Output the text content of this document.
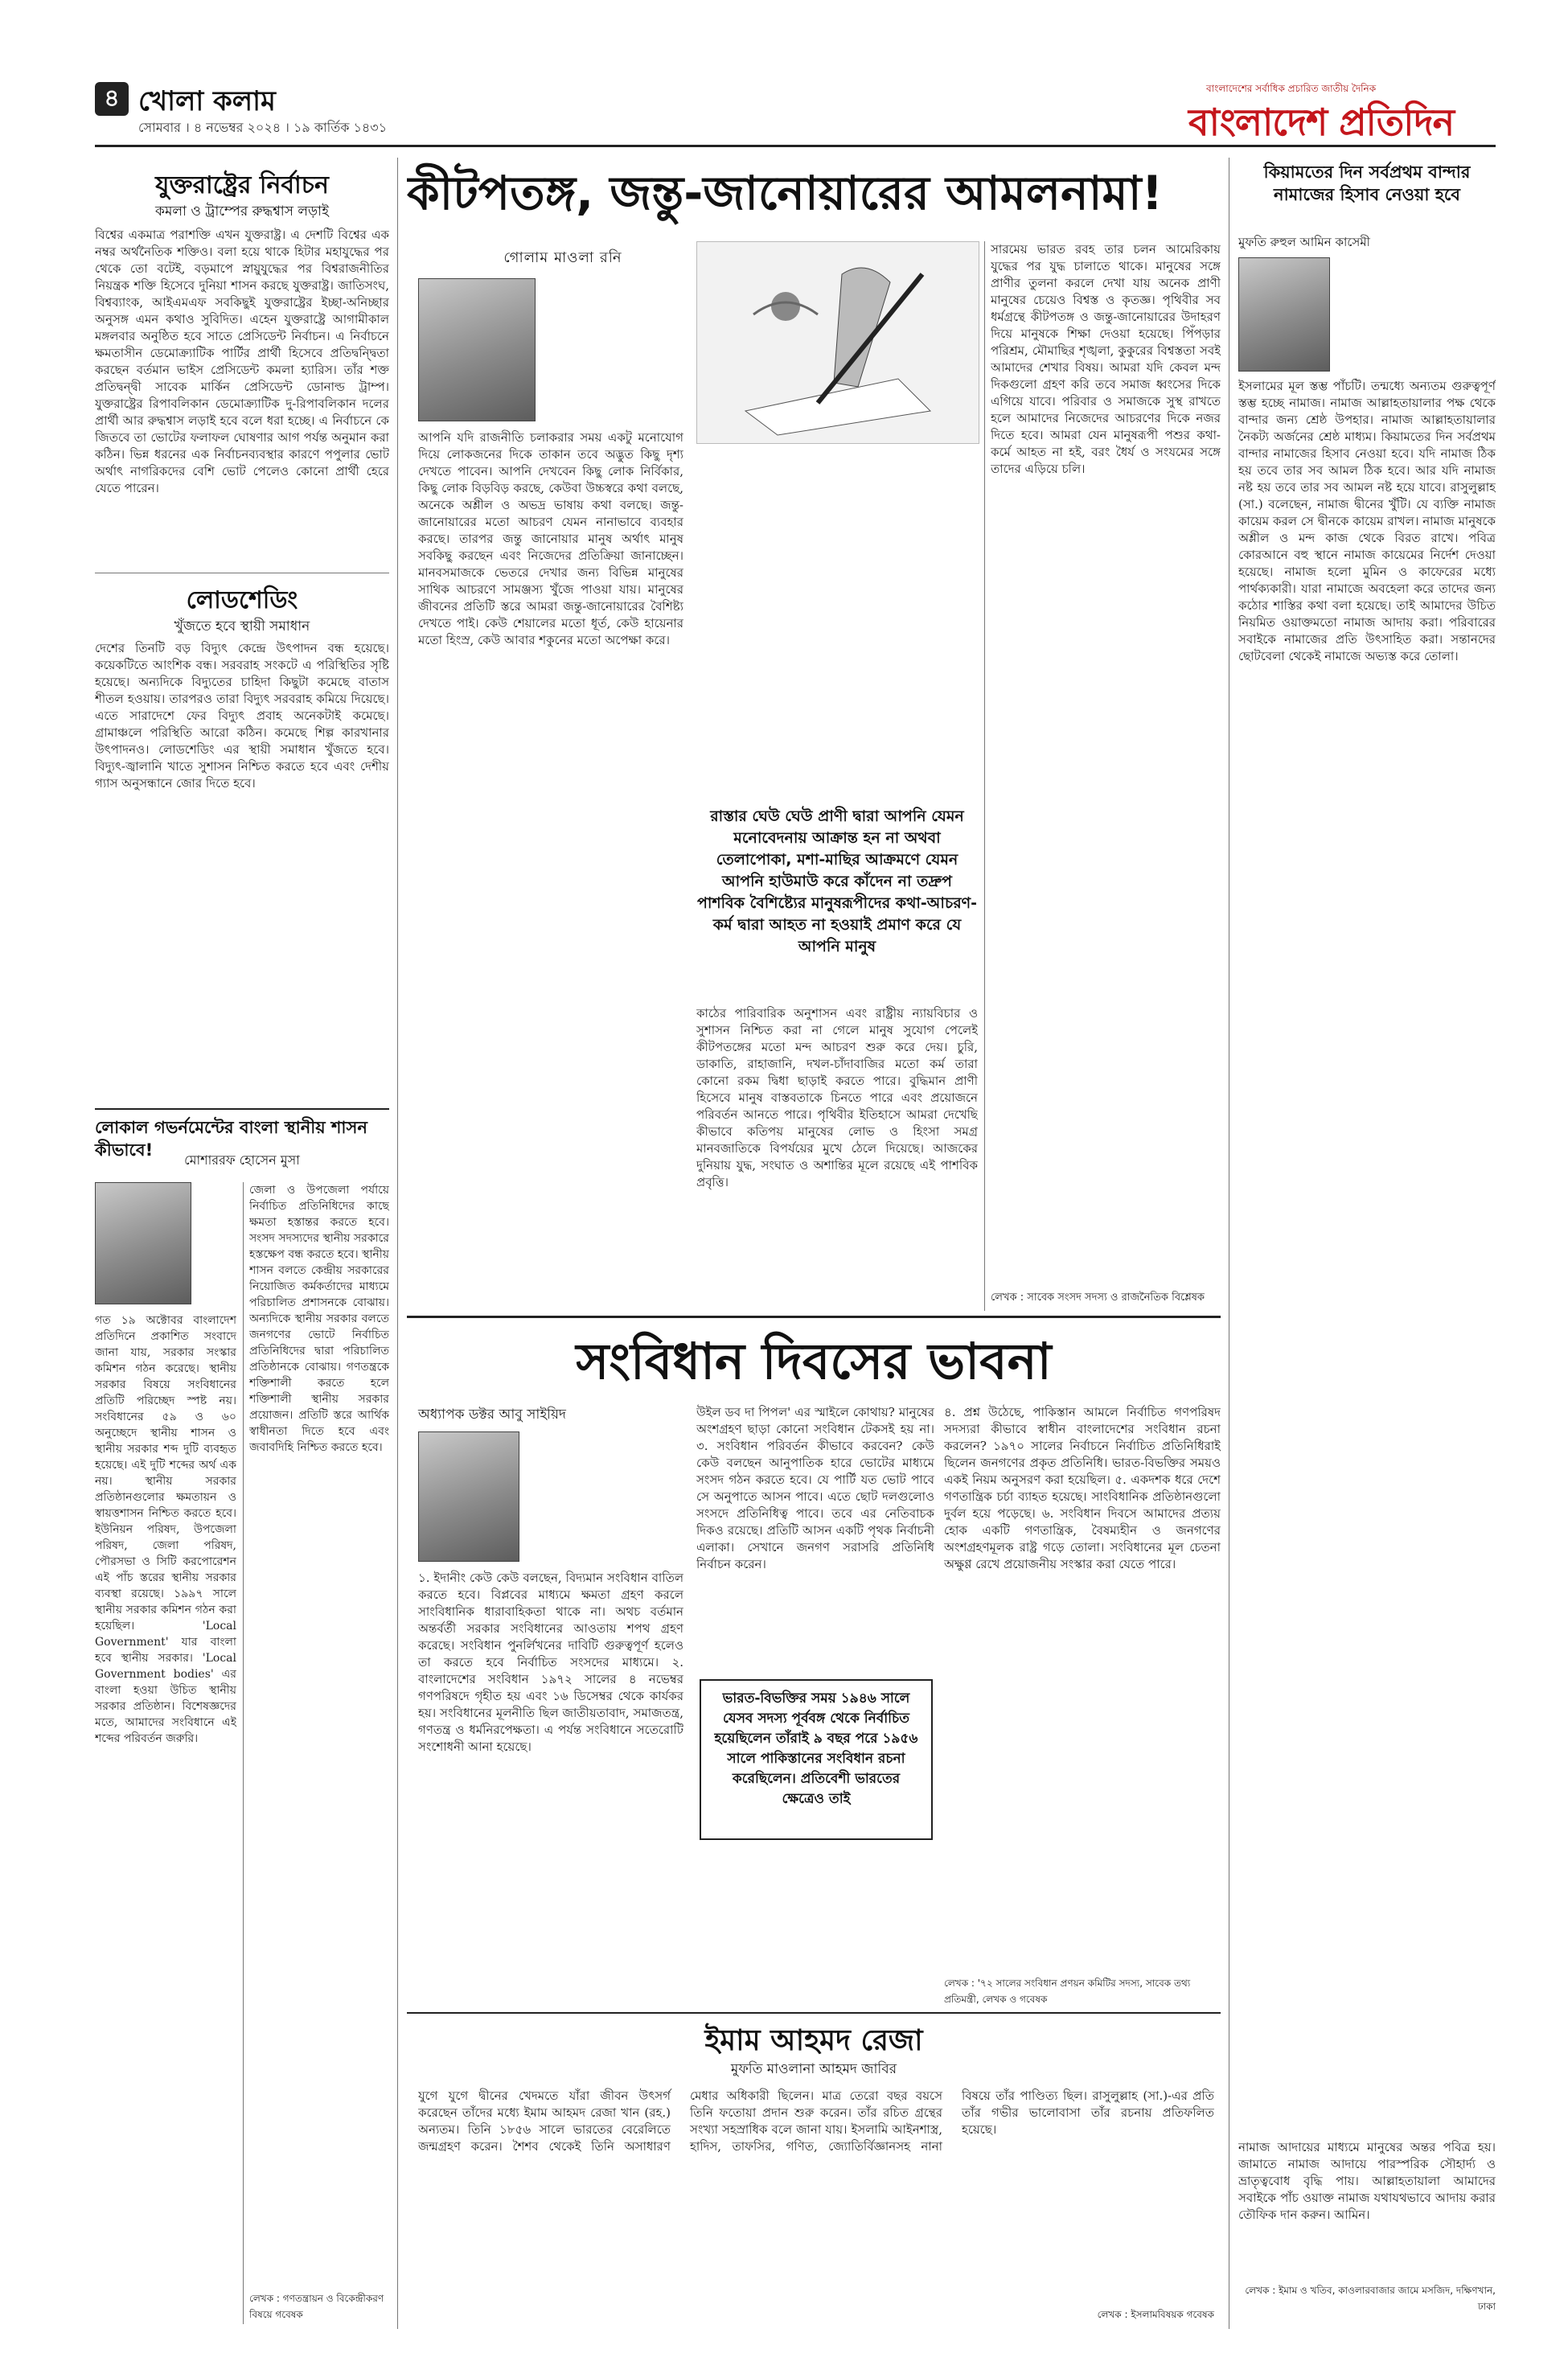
৪ খোলা কলাম
সোমবার । ৪ নভেম্বর ২০২৪ । ১৯ কার্তিক ১৪৩১
বাংলাদেশের সর্বাধিক প্রচারিত জাতীয় দৈনিক
বাংলাদেশ প্রতিদিন
যুক্তরাষ্ট্রের নির্বাচন
কমলা ও ট্রাম্পের রুদ্ধশ্বাস লড়াই
বিশ্বের একমাত্র পরাশক্তি এখন যুক্তরাষ্ট্র। এ দেশটি বিশ্বের এক নম্বর অর্থনৈতিক শক্তিও। বলা হয়ে থাকে হিটার মহাযুদ্ধের পর থেকে তো বটেই, বড়মাপে স্নায়ুযুদ্ধের পর বিশ্বরাজনীতির নিয়ন্ত্রক শক্তি হিসেবে দুনিয়া শাসন করছে যুক্তরাষ্ট্র। জাতিসংঘ, বিশ্বব্যাংক, আইএমএফ সবকিছুই যুক্তরাষ্ট্রের ইচ্ছা-অনিচ্ছার অনুসঙ্গ এমন কথাও সুবিদিত। এহেন যুক্তরাষ্ট্রে আগামীকাল মঙ্গলবার অনুষ্ঠিত হবে সাতে প্রেসিডেন্ট নির্বাচন। এ নির্বাচনে ক্ষমতাসীন ডেমোক্র্যাটিক পার্টির প্রার্থী হিসেবে প্রতিদ্বন্দ্বিতা করছেন বর্তমান ভাইস প্রেসিডেন্ট কমলা হ্যারিস। তাঁর শক্ত প্রতিদ্বন্দ্বী সাবেক মার্কিন প্রেসিডেন্ট ডোনাল্ড ট্রাম্প। যুক্তরাষ্ট্রের রিপাবলিকান ডেমোক্র্যাটিক দু-রিপাবলিকান দলের প্রার্থী আর রুদ্ধশ্বাস লড়াই হবে বলে ধরা হচ্ছে। এ নির্বাচনে কে জিতবে তা ভোটের ফলাফল ঘোষণার আগ পর্যন্ত অনুমান করা কঠিন। ভিন্ন ধরনের এক নির্বাচনব্যবস্থার কারণে পপুলার ভোট অর্থাৎ নাগরিকদের বেশি ভোট পেলেও কোনো প্রার্থী হেরে যেতে পারেন।
লোডশেডিং
খুঁজতে হবে স্থায়ী সমাধান
দেশের তিনটি বড় বিদ্যুৎ কেন্দ্রে উৎপাদন বন্ধ হয়েছে। কয়েকটিতে আংশিক বন্ধ। সরবরাহ সংকটে এ পরিস্থিতির সৃষ্টি হয়েছে। অন্যদিকে বিদ্যুতের চাহিদা কিছুটা কমেছে বাতাস শীতল হওয়ায়। তারপরও তারা বিদ্যুৎ সরবরাহ কমিয়ে দিয়েছে। এতে সারাদেশে ফের বিদ্যুৎ প্রবাহ অনেকটাই কমেছে। গ্রামাঞ্চলে পরিস্থিতি আরো কঠিন। কমেছে শিল্প কারখানার উৎপাদনও। লোডশেডিং এর স্থায়ী সমাধান খুঁজতে হবে। বিদ্যুৎ-জ্বালানি খাতে সুশাসন নিশ্চিত করতে হবে এবং দেশীয় গ্যাস অনুসন্ধানে জোর দিতে হবে।
লোকাল গভর্নমেন্টের বাংলা স্থানীয় শাসন কীভাবে!
মোশাররফ হোসেন মুসা
গত ১৯ অক্টোবর বাংলাদেশ প্রতিদিনে প্রকাশিত সংবাদে জানা যায়, সরকার সংস্কার কমিশন গঠন করেছে। স্থানীয় সরকার বিষয়ে সংবিধানের প্রতিটি পরিচ্ছেদ স্পষ্ট নয়। সংবিধানের ৫৯ ও ৬০ অনুচ্ছেদে স্থানীয় শাসন ও স্থানীয় সরকার শব্দ দুটি ব্যবহৃত হয়েছে। এই দুটি শব্দের অর্থ এক নয়। স্থানীয় সরকার প্রতিষ্ঠানগুলোর ক্ষমতায়ন ও স্বায়ত্তশাসন নিশ্চিত করতে হবে। ইউনিয়ন পরিষদ, উপজেলা পরিষদ, জেলা পরিষদ, পৌরসভা ও সিটি করপোরেশন এই পাঁচ স্তরের স্থানীয় সরকার ব্যবস্থা রয়েছে। ১৯৯৭ সালে স্থানীয় সরকার কমিশন গঠন করা হয়েছিল। 'Local Government' যার বাংলা হবে স্থানীয় সরকার। 'Local Government bodies' এর বাংলা হওয়া উচিত স্থানীয় সরকার প্রতিষ্ঠান। বিশেষজ্ঞদের মতে, আমাদের সংবিধানে এই শব্দের পরিবর্তন জরুরি।
জেলা ও উপজেলা পর্যায়ে নির্বাচিত প্রতিনিধিদের কাছে ক্ষমতা হস্তান্তর করতে হবে। সংসদ সদস্যদের স্থানীয় সরকারে হস্তক্ষেপ বন্ধ করতে হবে। স্থানীয় শাসন বলতে কেন্দ্রীয় সরকারের নিয়োজিত কর্মকর্তাদের মাধ্যমে পরিচালিত প্রশাসনকে বোঝায়। অন্যদিকে স্থানীয় সরকার বলতে জনগণের ভোটে নির্বাচিত প্রতিনিধিদের দ্বারা পরিচালিত প্রতিষ্ঠানকে বোঝায়। গণতন্ত্রকে শক্তিশালী করতে হলে শক্তিশালী স্থানীয় সরকার প্রয়োজন। প্রতিটি স্তরে আর্থিক স্বাধীনতা দিতে হবে এবং জবাবদিহি নিশ্চিত করতে হবে।
লেখক : গণতন্ত্রায়ন ও বিকেন্দ্রীকরণ বিষয়ে গবেষক
কীটপতঙ্গ, জন্তু-জানোয়ারের আমলনামা!
গোলাম মাওলা রনি
আপনি যদি রাজনীতি চলাকরার সময় একটু মনোযোগ দিয়ে লোকজনের দিকে তাকান তবে অদ্ভুত কিছু দৃশ্য দেখতে পাবেন। আপনি দেখবেন কিছু লোক নির্বিকার, কিছু লোক বিড়বিড় করছে, কেউবা উচ্চস্বরে কথা বলছে, অনেকে অশ্লীল ও অভদ্র ভাষায় কথা বলছে। জন্তু-জানোয়ারের মতো আচরণ যেমন নানাভাবে ব্যবহার করছে। তারপর জন্তু জানোয়ার মানুষ অর্থাৎ মানুষ সবকিছু করছেন এবং নিজেদের প্রতিক্রিয়া জানাচ্ছেন। মানবসমাজকে ভেতরে দেখার জন্য বিভিন্ন মানুষের সাথিক আচরণে সামঞ্জস্য খুঁজে পাওয়া যায়। মানুষের জীবনের প্রতিটি স্তরে আমরা জন্তু-জানোয়ারের বৈশিষ্ট্য দেখতে পাই। কেউ শেয়ালের মতো ধূর্ত, কেউ হায়েনার মতো হিংস্র, কেউ আবার শকুনের মতো অপেক্ষা করে।
রাস্তার ঘেউ ঘেউ প্রাণী দ্বারা আপনি যেমন মনোবেদনায় আক্রান্ত হন না অথবা তেলাপোকা, মশা-মাছির আক্রমণে যেমন আপনি হাউমাউ করে কাঁদেন না তদ্রুপ পাশবিক বৈশিষ্ট্যের মানুষরূপীদের কথা-আচরণ-কর্ম দ্বারা আহত না হওয়াই প্রমাণ করে যে আপনি মানুষ
কাঠের পারিবারিক অনুশাসন এবং রাষ্ট্রীয় ন্যায়বিচার ও সুশাসন নিশ্চিত করা না গেলে মানুষ সুযোগ পেলেই কীটপতঙ্গের মতো মন্দ আচরণ শুরু করে দেয়। চুরি, ডাকাতি, রাহাজানি, দখল-চাঁদাবাজির মতো কর্ম তারা কোনো রকম দ্বিধা ছাড়াই করতে পারে। বুদ্ধিমান প্রাণী হিসেবে মানুষ বাস্তবতাকে চিনতে পারে এবং প্রয়োজনে পরিবর্তন আনতে পারে। পৃথিবীর ইতিহাসে আমরা দেখেছি কীভাবে কতিপয় মানুষের লোভ ও হিংসা সমগ্র মানবজাতিকে বিপর্যয়ের মুখে ঠেলে দিয়েছে। আজকের দুনিয়ায় যুদ্ধ, সংঘাত ও অশান্তির মূলে রয়েছে এই পাশবিক প্রবৃত্তি।
সারমেয় ভারত রবহ তার চলন আমেরিকায় যুদ্ধের পর যুদ্ধ চালাতে থাকে। মানুষের সঙ্গে প্রাণীর তুলনা করলে দেখা যায় অনেক প্রাণী মানুষের চেয়েও বিশ্বস্ত ও কৃতজ্ঞ। পৃথিবীর সব ধর্মগ্রন্থে কীটপতঙ্গ ও জন্তু-জানোয়ারের উদাহরণ দিয়ে মানুষকে শিক্ষা দেওয়া হয়েছে। পিঁপড়ার পরিশ্রম, মৌমাছির শৃঙ্খলা, কুকুরের বিশ্বস্ততা সবই আমাদের শেখার বিষয়। আমরা যদি কেবল মন্দ দিকগুলো গ্রহণ করি তবে সমাজ ধ্বংসের দিকে এগিয়ে যাবে। পরিবার ও সমাজকে সুস্থ রাখতে হলে আমাদের নিজেদের আচরণের দিকে নজর দিতে হবে। আমরা যেন মানুষরূপী পশুর কথা-কর্মে আহত না হই, বরং ধৈর্য ও সংযমের সঙ্গে তাদের এড়িয়ে চলি।
লেখক : সাবেক সংসদ সদস্য ও রাজনৈতিক বিশ্লেষক
সংবিধান দিবসের ভাবনা
অধ্যাপক ডক্টর আবু সাইয়িদ
১. ইদানীং কেউ কেউ বলছেন, বিদ্যমান সংবিধান বাতিল করতে হবে। বিপ্লবের মাধ্যমে ক্ষমতা গ্রহণ করলে সাংবিধানিক ধারাবাহিকতা থাকে না। অথচ বর্তমান অন্তর্বর্তী সরকার সংবিধানের আওতায় শপথ গ্রহণ করেছে। সংবিধান পুনর্লিখনের দাবিটি গুরুত্বপূর্ণ হলেও তা করতে হবে নির্বাচিত সংসদের মাধ্যমে। ২. বাংলাদেশের সংবিধান ১৯৭২ সালের ৪ নভেম্বর গণপরিষদে গৃহীত হয় এবং ১৬ ডিসেম্বর থেকে কার্যকর হয়। সংবিধানের মূলনীতি ছিল জাতীয়তাবাদ, সমাজতন্ত্র, গণতন্ত্র ও ধর্মনিরপেক্ষতা। এ পর্যন্ত সংবিধানে সতেরোটি সংশোধনী আনা হয়েছে।
উইল ডব দা পিপল' এর স্মাইলে কোথায়? মানুষের অংশগ্রহণ ছাড়া কোনো সংবিধান টেকসই হয় না। ৩. সংবিধান পরিবর্তন কীভাবে করবেন? কেউ কেউ বলছেন আনুপাতিক হারে ভোটের মাধ্যমে সংসদ গঠন করতে হবে। যে পার্টি যত ভোট পাবে সে অনুপাতে আসন পাবে। এতে ছোট দলগুলোও সংসদে প্রতিনিধিত্ব পাবে। তবে এর নেতিবাচক দিকও রয়েছে। প্রতিটি আসন একটি পৃথক নির্বাচনী এলাকা। সেখানে জনগণ সরাসরি প্রতিনিধি নির্বাচন করেন।
ভারত-বিভক্তির সময় ১৯৪৬ সালে যেসব সদস্য পূর্ববঙ্গ থেকে নির্বাচিত হয়েছিলেন তাঁরাই ৯ বছর পরে ১৯৫৬ সালে পাকিস্তানের সংবিধান রচনা করেছিলেন। প্রতিবেশী ভারতের ক্ষেত্রেও তাই
৪. প্রশ্ন উঠেছে, পাকিস্তান আমলে নির্বাচিত গণপরিষদ সদস্যরা কীভাবে স্বাধীন বাংলাদেশের সংবিধান রচনা করলেন? ১৯৭০ সালের নির্বাচনে নির্বাচিত প্রতিনিধিরাই ছিলেন জনগণের প্রকৃত প্রতিনিধি। ভারত-বিভক্তির সময়ও একই নিয়ম অনুসরণ করা হয়েছিল। ৫. একদশক ধরে দেশে গণতান্ত্রিক চর্চা ব্যাহত হয়েছে। সাংবিধানিক প্রতিষ্ঠানগুলো দুর্বল হয়ে পড়েছে। ৬. সংবিধান দিবসে আমাদের প্রত্যয় হোক একটি গণতান্ত্রিক, বৈষম্যহীন ও জনগণের অংশগ্রহণমূলক রাষ্ট্র গড়ে তোলা। সংবিধানের মূল চেতনা অক্ষুণ্ণ রেখে প্রয়োজনীয় সংস্কার করা যেতে পারে।
লেখক : '৭২ সালের সংবিধান প্রণয়ন কমিটির সদস্য, সাবেক তথ্য প্রতিমন্ত্রী, লেখক ও গবেষক
ইমাম আহমদ রেজা
মুফতি মাওলানা আহমদ জাবির
যুগে যুগে দ্বীনের খেদমতে যাঁরা জীবন উৎসর্গ করেছেন তাঁদের মধ্যে ইমাম আহমদ রেজা খান (রহ.) অন্যতম। তিনি ১৮৫৬ সালে ভারতের বেরেলিতে জন্মগ্রহণ করেন। শৈশব থেকেই তিনি অসাধারণ মেধার অধিকারী ছিলেন। মাত্র তেরো বছর বয়সে তিনি ফতোয়া প্রদান শুরু করেন। তাঁর রচিত গ্রন্থের সংখ্যা সহস্রাধিক বলে জানা যায়। ইসলামি আইনশাস্ত্র, হাদিস, তাফসির, গণিত, জ্যোতির্বিজ্ঞানসহ নানা বিষয়ে তাঁর পাণ্ডিত্য ছিল। রাসুলুল্লাহ (সা.)-এর প্রতি তাঁর গভীর ভালোবাসা তাঁর রচনায় প্রতিফলিত হয়েছে।
লেখক : ইসলামবিষয়ক গবেষক
কিয়ামতের দিন সর্বপ্রথম বান্দার নামাজের হিসাব নেওয়া হবে
মুফতি রুহুল আমিন কাসেমী
ইসলামের মূল স্তম্ভ পাঁচটি। তন্মধ্যে অন্যতম গুরুত্বপূর্ণ স্তম্ভ হচ্ছে নামাজ। নামাজ আল্লাহতায়ালার পক্ষ থেকে বান্দার জন্য শ্রেষ্ঠ উপহার। নামাজ আল্লাহতায়ালার নৈকট্য অর্জনের শ্রেষ্ঠ মাধ্যম। কিয়ামতের দিন সর্বপ্রথম বান্দার নামাজের হিসাব নেওয়া হবে। যদি নামাজ ঠিক হয় তবে তার সব আমল ঠিক হবে। আর যদি নামাজ নষ্ট হয় তবে তার সব আমল নষ্ট হয়ে যাবে। রাসুলুল্লাহ (সা.) বলেছেন, নামাজ দ্বীনের খুঁটি। যে ব্যক্তি নামাজ কায়েম করল সে দ্বীনকে কায়েম রাখল। নামাজ মানুষকে অশ্লীল ও মন্দ কাজ থেকে বিরত রাখে। পবিত্র কোরআনে বহু স্থানে নামাজ কায়েমের নির্দেশ দেওয়া হয়েছে। নামাজ হলো মুমিন ও কাফেরের মধ্যে পার্থক্যকারী। যারা নামাজে অবহেলা করে তাদের জন্য কঠোর শাস্তির কথা বলা হয়েছে। তাই আমাদের উচিত নিয়মিত ওয়াক্তমতো নামাজ আদায় করা। পরিবারের সবাইকে নামাজের প্রতি উৎসাহিত করা। সন্তানদের ছোটবেলা থেকেই নামাজে অভ্যস্ত করে তোলা।
নামাজ আদায়ের মাধ্যমে মানুষের অন্তর পবিত্র হয়। জামাতে নামাজ আদায়ে পারস্পরিক সৌহার্দ্য ও ভ্রাতৃত্ববোধ বৃদ্ধি পায়। আল্লাহতায়ালা আমাদের সবাইকে পাঁচ ওয়াক্ত নামাজ যথাযথভাবে আদায় করার তৌফিক দান করুন। আমিন।
লেখক : ইমাম ও খতিব, কাওলারবাজার জামে মসজিদ, দক্ষিণখান, ঢাকা
